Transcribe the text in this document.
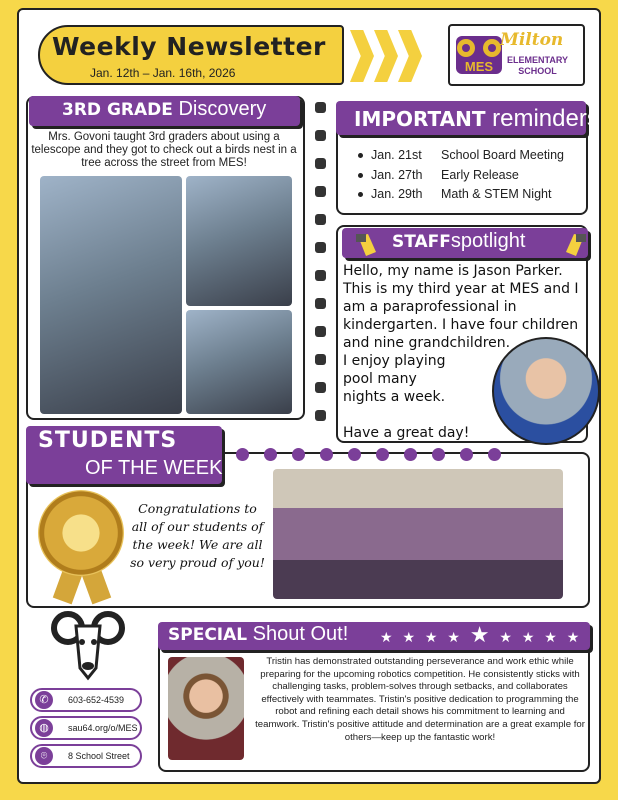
Weekly Newsletter
Jan. 12th – Jan. 16th, 2026	MES
Milton
ELEMENTARY
SCHOOL
3RD GRADE Discovery
Mrs. Govoni taught 3rd graders about using a telescope and they got to check out a birds nest in a tree across the street from MES!
IMPORTANT reminders
Jan. 21st School Board Meeting
Jan. 27th Early Release
Jan. 29th Math & STEM Night
STAFFspotlight
Hello, my name is Jason Parker. This is my third year at MES and I am a paraprofessional in kindergarten. I have four children and nine grandchildren.
I enjoy playing pool many nights a week.
Have a great day!
STUDENTS
OF THE WEEK
Congratulations to all of our students of the week! We are all so very proud of you!
✆	603-652-4539
◍	sau64.org/o/MES
⌾	8 School Street
SPECIAL Shout Out!	★ ★ ★ ★ ★ ★ ★ ★ ★
Tristin has demonstrated outstanding perseverance and work ethic while preparing for the upcoming robotics competition. He consistently sticks with challenging tasks, problem-solves through setbacks, and collaborates effectively with teammates. Tristin's positive dedication to programming the robot and refining each detail shows his commitment to learning and teamwork. Tristin's positive attitude and determination are a great example for others—keep up the fantastic work!
